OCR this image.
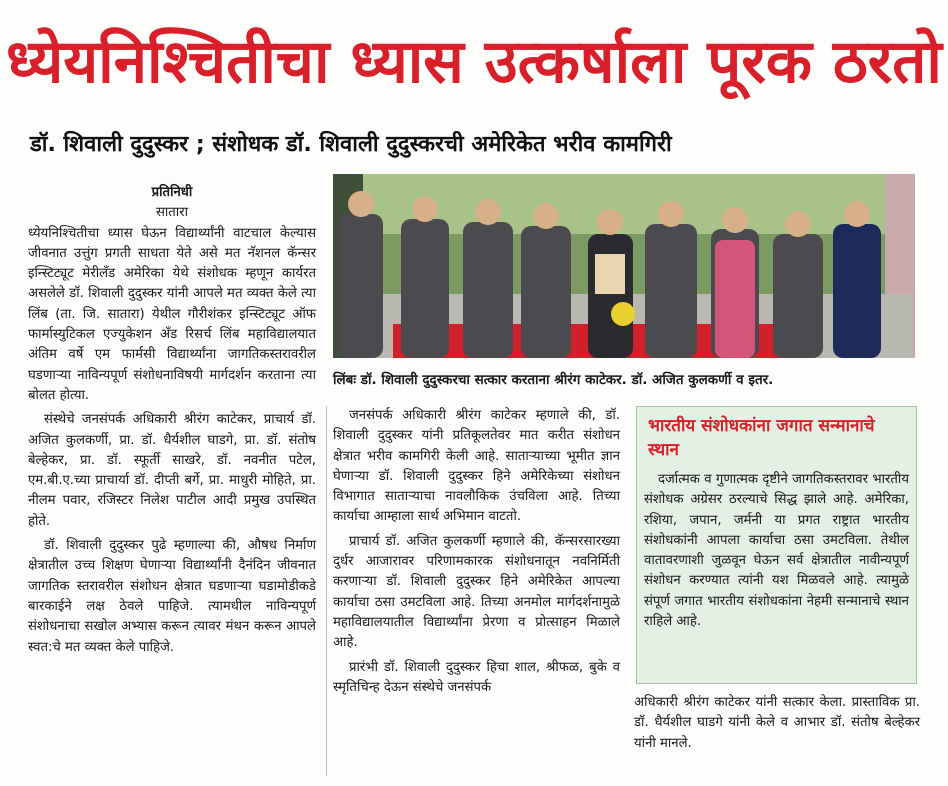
ध्येयनिश्चितीचा ध्यास उत्कर्षाला पूरक ठरतो
डॉ. शिवाली दुदुस्कर ; संशोधक डॉ. शिवाली दुदुस्करची अमेरिकेत भरीव कामगिरी

प्रतिनिधी

सातारा

ध्येयनिश्चितीचा ध्यास घेऊन विद्यार्थ्यांनी वाटचाल केल्यास जीवनात उत्तुंग प्रगती साधता येते असे मत नॅशनल कॅन्सर इन्स्टिट्यूट मेरीलँड अमेरिका येथे संशोधक म्हणून कार्यरत असलेले डॉ. शिवाली दुदुस्कर यांनी आपले मत व्यक्त केले त्या लिंब (ता. जि. सातारा) येथील गौरीशंकर इन्स्टिट्यूट ऑफ फार्मास्युटिकल एज्युकेशन अँड रिसर्च लिंब महाविद्यालयात अंतिम वर्षे एम फार्मसी विद्यार्थ्यांना जागतिकस्तरावरील घडणाऱ्या नाविन्यपूर्ण संशोधनाविषयी मार्गदर्शन करताना त्या बोलत होत्या.

संस्थेचे जनसंपर्क अधिकारी श्रीरंग काटेकर, प्राचार्य डॉ. अजित कुलकर्णी, प्रा. डॉ. धैर्यशील घाडगे, प्रा. डॉ. संतोष बेल्हेकर, प्रा. डॉ. स्फूर्ती साखरे, डॉ. नवनीत पटेल, एम.बी.ए.च्या प्राचार्या डॉ. दीप्ती बर्गे, प्रा. माधुरी मोहिते, प्रा. नीलम पवार, रजिस्टर निलेश पाटील आदी प्रमुख उपस्थित होते.

डॉ. शिवाली दुदुस्कर पुढे म्हणाल्या की, औषध निर्माण क्षेत्रातील उच्च शिक्षण घेणाऱ्या विद्यार्थ्यांनी दैनंदिन जीवनात जागतिक स्तरावरील संशोधन क्षेत्रात घडणाऱ्या घडामोडीकडे बारकाईने लक्ष ठेवले पाहिजे. त्यामधील नाविन्यपूर्ण संशोधनाचा सखोल अभ्यास करून त्यावर मंथन करून आपले स्वत:चे मत व्यक्त केले पाहिजे.

लिंबः डॉ. शिवाली दुदुस्करचा सत्कार करताना श्रीरंग काटेकर. डॉ. अजित कुलकर्णी व इतर.

जनसंपर्क अधिकारी श्रीरंग काटेकर म्हणाले की, डॉ. शिवाली दुदुस्कर यांनी प्रतिकूलतेवर मात करीत संशोधन क्षेत्रात भरीव कामगिरी केली आहे. साताऱ्याच्या भूमीत ज्ञान घेणाऱ्या डॉ. शिवाली दुदुस्कर हिने अमेरिकेच्या संशोधन विभागात साताऱ्याचा नावलौकिक उंचविला आहे. तिच्या कार्याचा आम्हाला सार्थ अभिमान वाटतो.

प्राचार्य डॉ. अजित कुलकर्णी म्हणाले की, कॅन्सरसारख्या दुर्धर आजारावर परिणामकारक संशोधनातून नवनिर्मिती करणाऱ्या डॉ. शिवाली दुदुस्कर हिने अमेरिकेत आपल्या कार्याचा ठसा उमटविला आहे. तिच्या अनमोल मार्गदर्शनामुळे महाविद्यालयातील विद्यार्थ्यांना प्रेरणा व प्रोत्साहन मिळाले आहे.

प्रारंभी डॉ. शिवाली दुदुस्कर हिचा शाल, श्रीफळ, बुके व स्मृतिचिन्ह देऊन संस्थेचे जनसंपर्क

भारतीय संशोधकांना जगात सन्मानाचे स्थान

दर्जात्मक व गुणात्मक दृष्टीने जागतिकस्तरावर भारतीय संशोधक अग्रेसर ठरल्याचे सिद्ध झाले आहे. अमेरिका, रशिया, जपान, जर्मनी या प्रगत राष्ट्रात भारतीय संशोधकांनी आपला कार्याचा ठसा उमटविला. तेथील वातावरणाशी जुळवून घेऊन सर्व क्षेत्रातील नावीन्यपूर्ण संशोधन करण्यात त्यांनी यश मिळवले आहे. त्यामुळे संपूर्ण जगात भारतीय संशोधकांना नेहमी सन्मानाचे स्थान राहिले आहे.

अधिकारी श्रीरंग काटेकर यांनी सत्कार केला. प्रास्ताविक प्रा. डॉ. धैर्यशील घाडगे यांनी केले व आभार डॉ. संतोष बेल्हेकर यांनी मानले.
